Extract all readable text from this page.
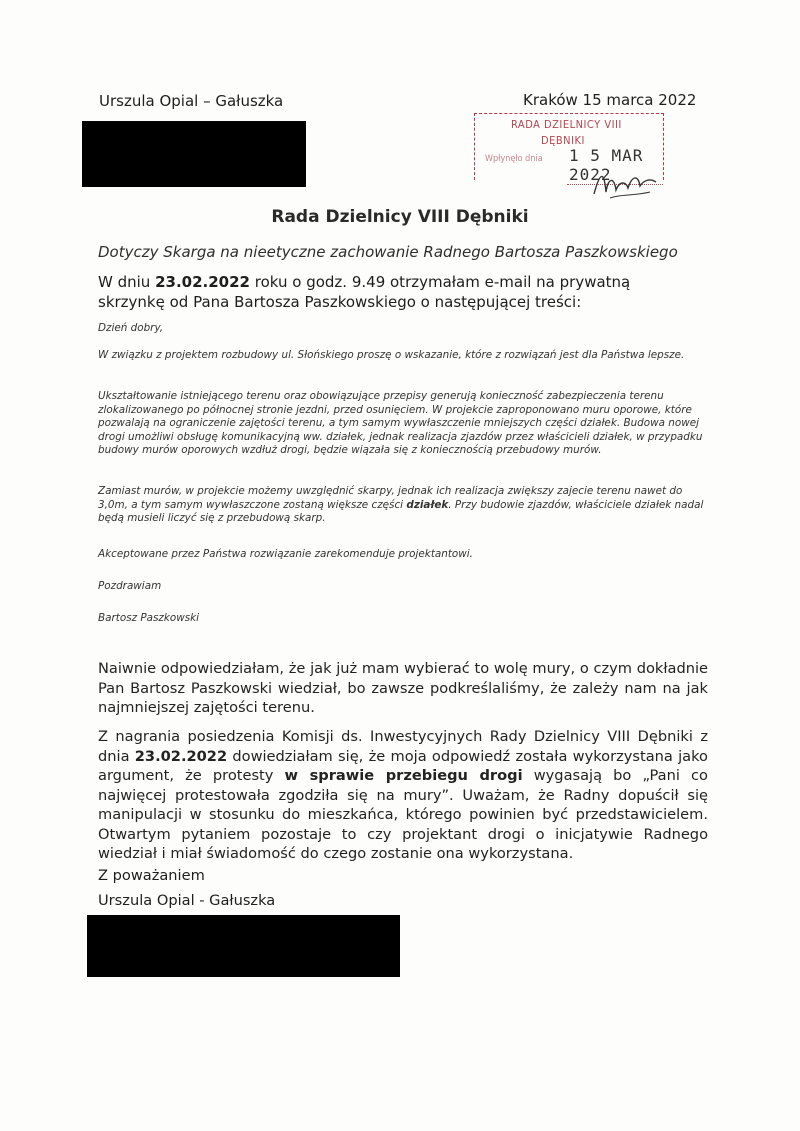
Urszula Opial – Gałuszka	Kraków 15 marca 2022
RADA DZIELNICY VIII
DĘBNIKI
Wpłynęło dnia 1 5 MAR 2022
Rada Dzielnicy VIII Dębniki
Dotyczy Skarga na nieetyczne zachowanie Radnego Bartosza Paszkowskiego
W dniu 23.02.2022 roku o godz. 9.49 otrzymałam e-mail na prywatną skrzynkę od Pana Bartosza Paszkowskiego o następującej treści:

Dzień dobry,

W związku z projektem rozbudowy ul. Słońskiego proszę o wskazanie, które z rozwiązań jest dla Państwa lepsze.

Ukształtowanie istniejącego terenu oraz obowiązujące przepisy generują konieczność zabezpieczenia terenu zlokalizowanego po północnej stronie jezdni, przed osunięciem. W projekcie zaproponowano muru oporowe, które pozwalają na ograniczenie zajętości terenu, a tym samym wywłaszczenie mniejszych części działek. Budowa nowej drogi umożliwi obsługę komunikacyjną ww. działek, jednak realizacja zjazdów przez właścicieli działek, w przypadku budowy murów oporowych wzdłuż drogi, będzie wiązała się z koniecznością przebudowy murów.

Zamiast murów, w projekcie możemy uwzględnić skarpy, jednak ich realizacja zwiększy zajecie terenu nawet do 3,0m, a tym samym wywłaszczone zostaną większe części działek. Przy budowie zjazdów, właściciele działek nadal będą musieli liczyć się z przebudową skarp.

Akceptowane przez Państwa rozwiązanie zarekomenduje projektantowi.

Pozdrawiam

Bartosz Paszkowski

Naiwnie odpowiedziałam, że jak już mam wybierać to wolę mury, o czym dokładnie Pan Bartosz Paszkowski wiedział, bo zawsze podkreślaliśmy, że zależy nam na jak najmniejszej zajętości terenu.
Z nagrania posiedzenia Komisji ds. Inwestycyjnych Rady Dzielnicy VIII Dębniki z dnia 23.02.2022 dowiedziałam się, że moja odpowiedź została wykorzystana jako argument, że protesty w sprawie przebiegu drogi wygasają bo „Pani co najwięcej protestowała zgodziła się na mury”. Uważam, że Radny dopuścił się manipulacji w stosunku do mieszkańca, którego powinien być przedstawicielem. Otwartym pytaniem pozostaje to czy projektant drogi o inicjatywie Radnego wiedział i miał świadomość do czego zostanie ona wykorzystana.
Z poważaniem
Urszula Opial - Gałuszka
